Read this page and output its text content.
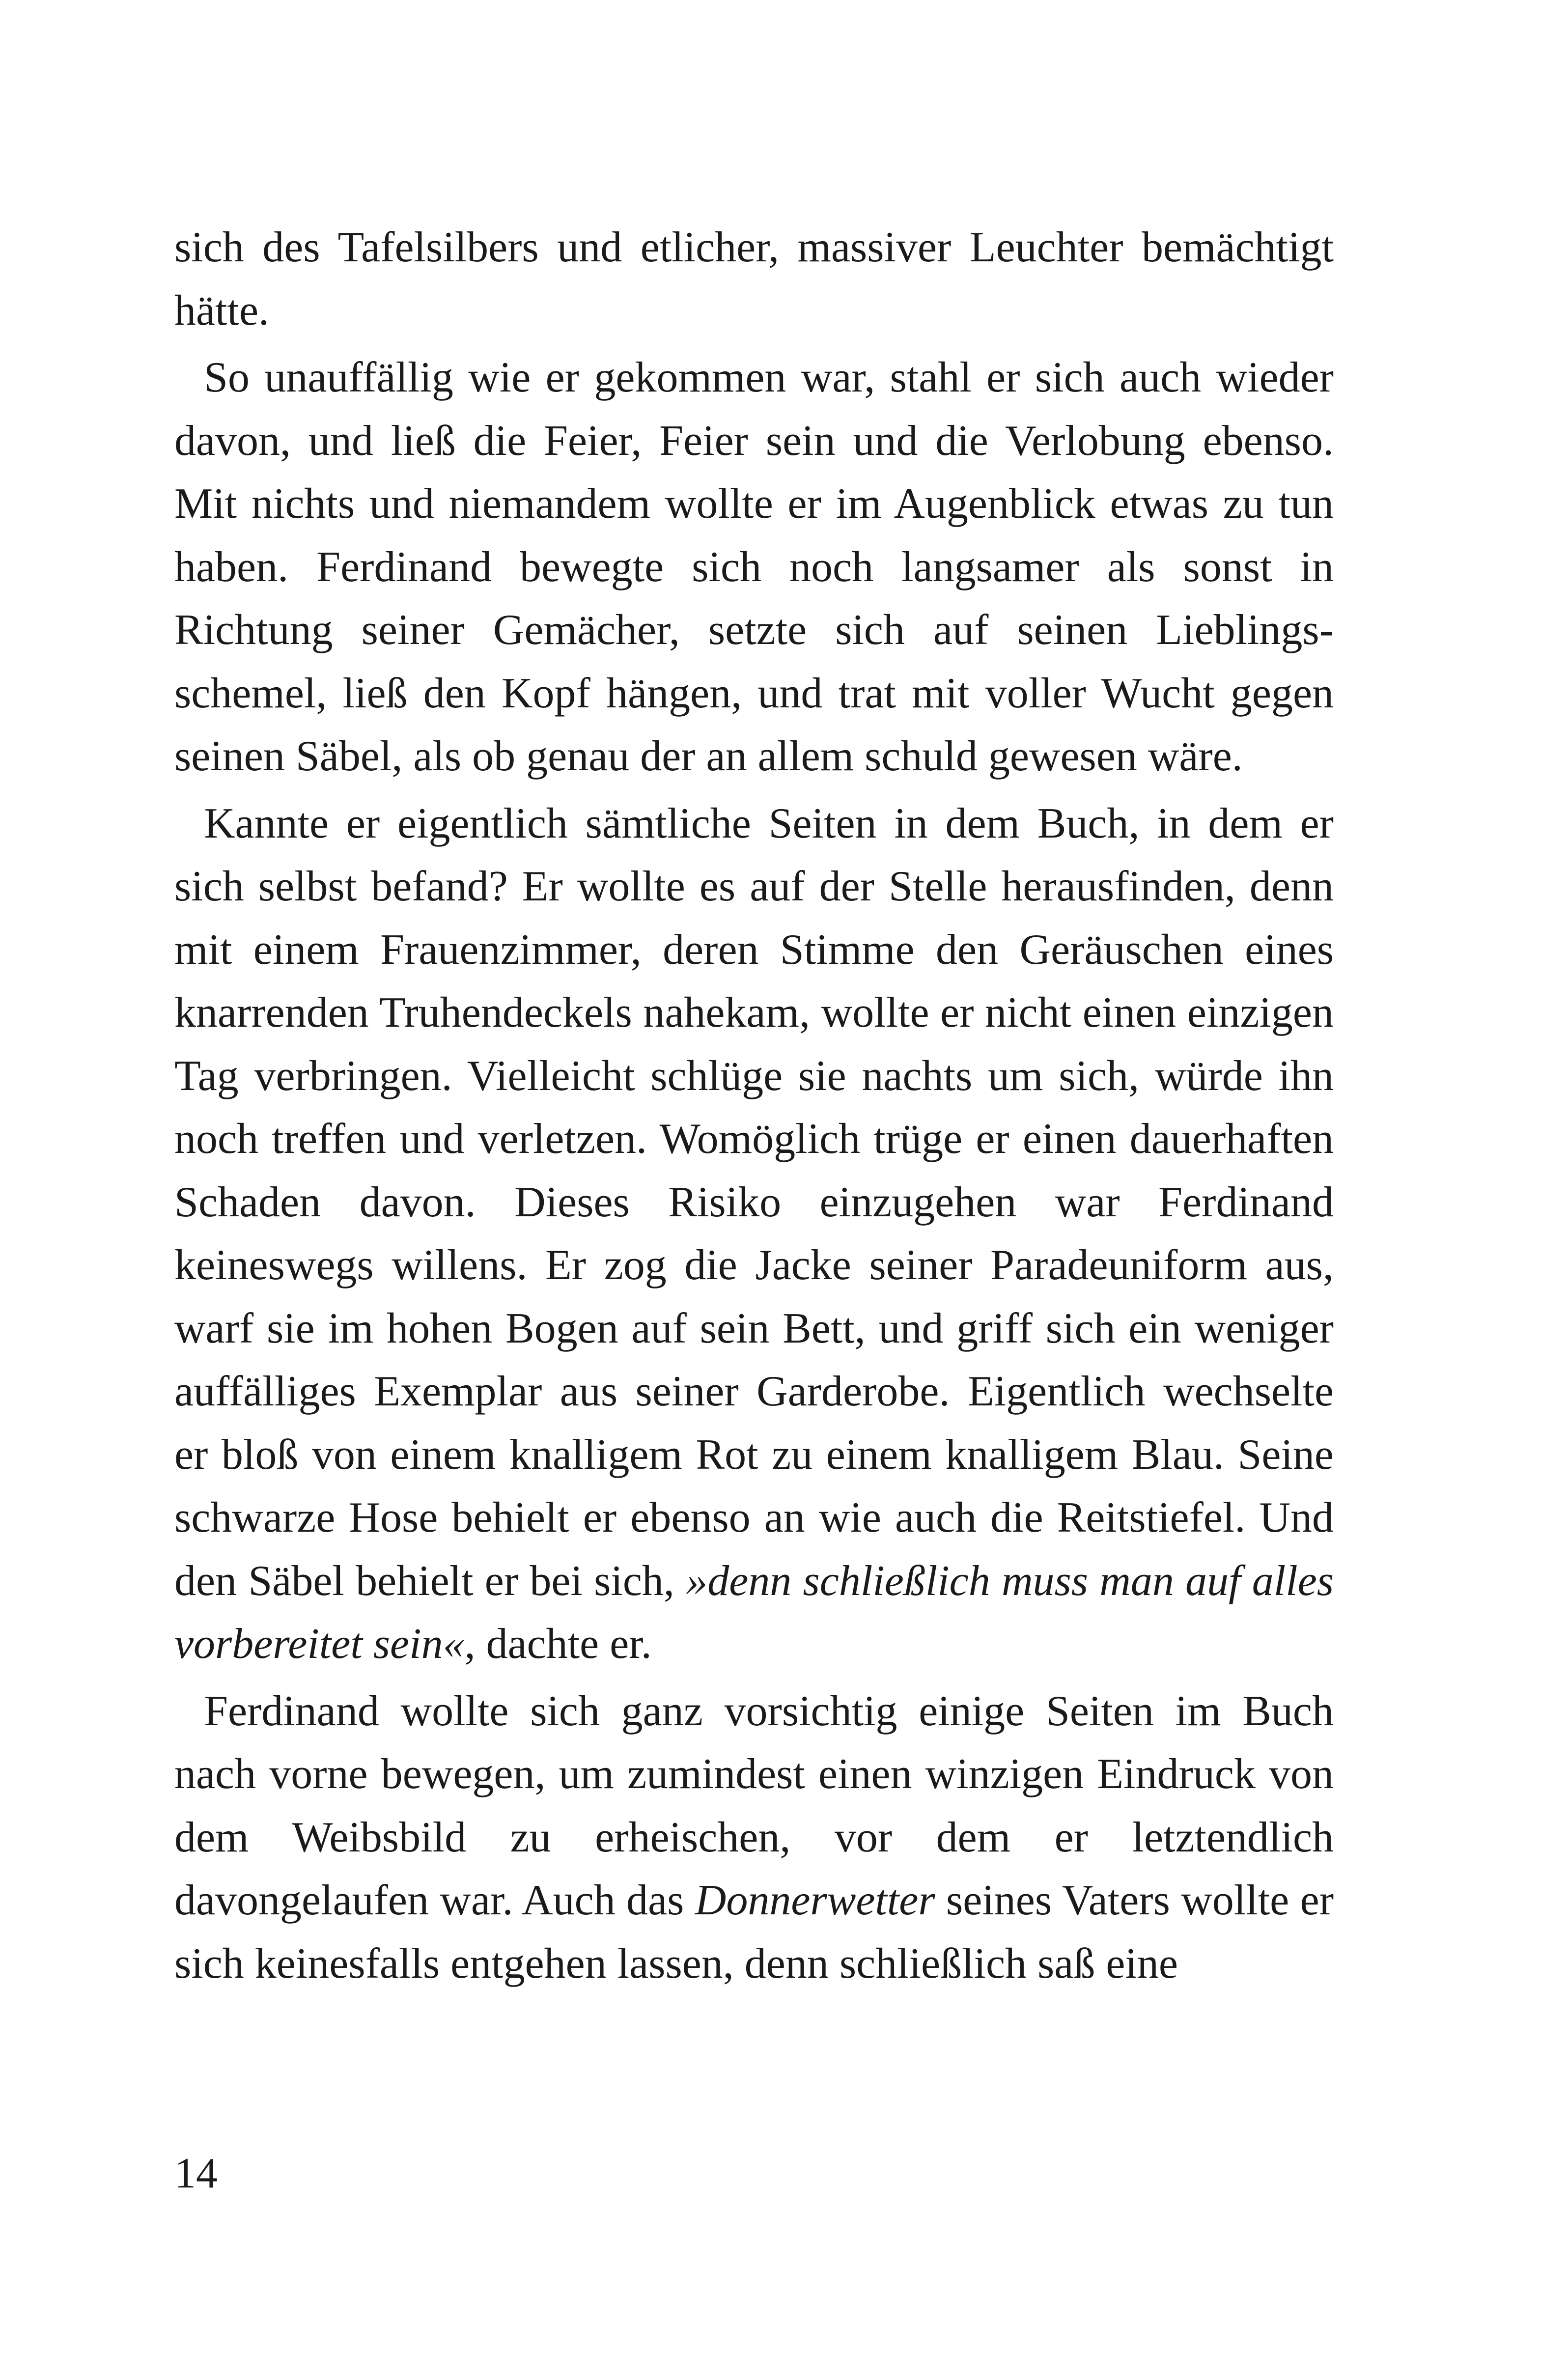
sich des Tafelsilbers und etlicher, massiver Leuchter bemächtigt hätte.

So unauffällig wie er gekommen war, stahl er sich auch wieder davon, und ließ die Feier, Feier sein und die Verlobung ebenso. Mit nichts und niemandem wollte er im Augenblick etwas zu tun haben. Ferdinand bewegte sich noch langsamer als sonst in Richtung seiner Gemächer, setzte sich auf seinen Lieblingsschemel, ließ den Kopf hängen, und trat mit voller Wucht gegen seinen Säbel, als ob genau der an allem schuld gewesen wäre.

Kannte er eigentlich sämtliche Seiten in dem Buch, in dem er sich selbst befand? Er wollte es auf der Stelle herausfinden, denn mit einem Frauenzimmer, deren Stimme den Geräuschen eines knarrenden Truhendeckels nahekam, wollte er nicht einen einzigen Tag verbringen. Vielleicht schlüge sie nachts um sich, würde ihn noch treffen und verletzen. Womöglich trüge er einen dauerhaften Schaden davon. Dieses Risiko einzugehen war Ferdinand keineswegs willens. Er zog die Jacke seiner Paradeuniform aus, warf sie im hohen Bogen auf sein Bett, und griff sich ein weniger auffälliges Exemplar aus seiner Garderobe. Eigentlich wechselte er bloß von einem knalligem Rot zu einem knalligem Blau. Seine schwarze Hose behielt er ebenso an wie auch die Reitstiefel. Und den Säbel behielt er bei sich, »denn schließlich muss man auf alles vorbereitet sein«, dachte er.

Ferdinand wollte sich ganz vorsichtig einige Seiten im Buch nach vorne bewegen, um zumindest einen winzigen Eindruck von dem Weibsbild zu erheischen, vor dem er letztendlich davongelaufen war. Auch das Donnerwetter seines Vaters wollte er sich keinesfalls entgehen lassen, denn schließlich saß eine

14
